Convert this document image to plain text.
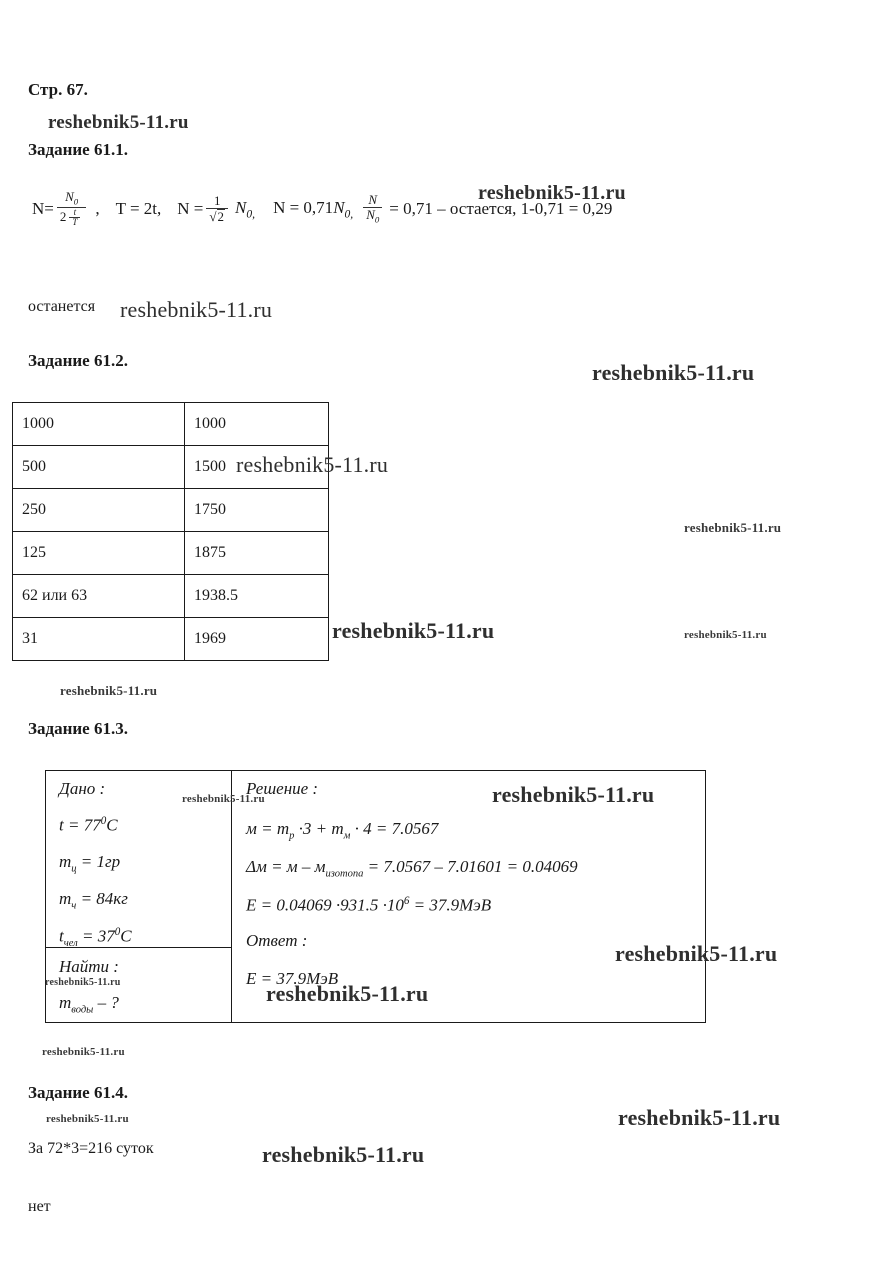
Стр. 67.
Задание 61.1.
$N= \frac{N_0}{2 \frac{t}{T}}$ , T = 2t, $N = \frac{1}{√2} N_{0,}$ $N = 0,71N_{0,} \frac{N}{N_0} = 0,71$ – остается, 1-0,71 = 0,29
останется
Задание 61.2.
1000	1000
500	1500
250	1750
125	1875
62 или 63	1938.5
31	1969
Задание 61.3.
Дано :
$t = 77^0С$
$m_ц = 1гр$
$m_ч = 84кг$
$t_{чел} = 37^0С$
Найти :
$m_{воды}$ – ?
Решение :
$м = m_р \cdot 3 + m_м \cdot 4 = 7.0567$
$\Delta м = м - м_{изотопа} = 7.0567 - 7.01601 = 0.04069$
$E = 0.04069 \cdot 931.5 \cdot 10^6 = 37.9МэВ$
Ответ :
E = 37.9МэВ
Задание 61.4.
За 72*3=216 суток
нет
reshebnik5-11.ru
reshebnik5-11.ru
reshebnik5-11.ru
reshebnik5-11.ru
reshebnik5-11.ru
reshebnik5-11.ru
reshebnik5-11.ru	reshebnik5-11.ru
reshebnik5-11.ru
reshebnik5-11.ru	reshebnik5-11.ru
reshebnik5-11.ru
reshebnik5-11.ru
reshebnik5-11.ru
reshebnik5-11.ru
reshebnik5-11.ru
reshebnik5-11.ru
reshebnik5-11.ru
